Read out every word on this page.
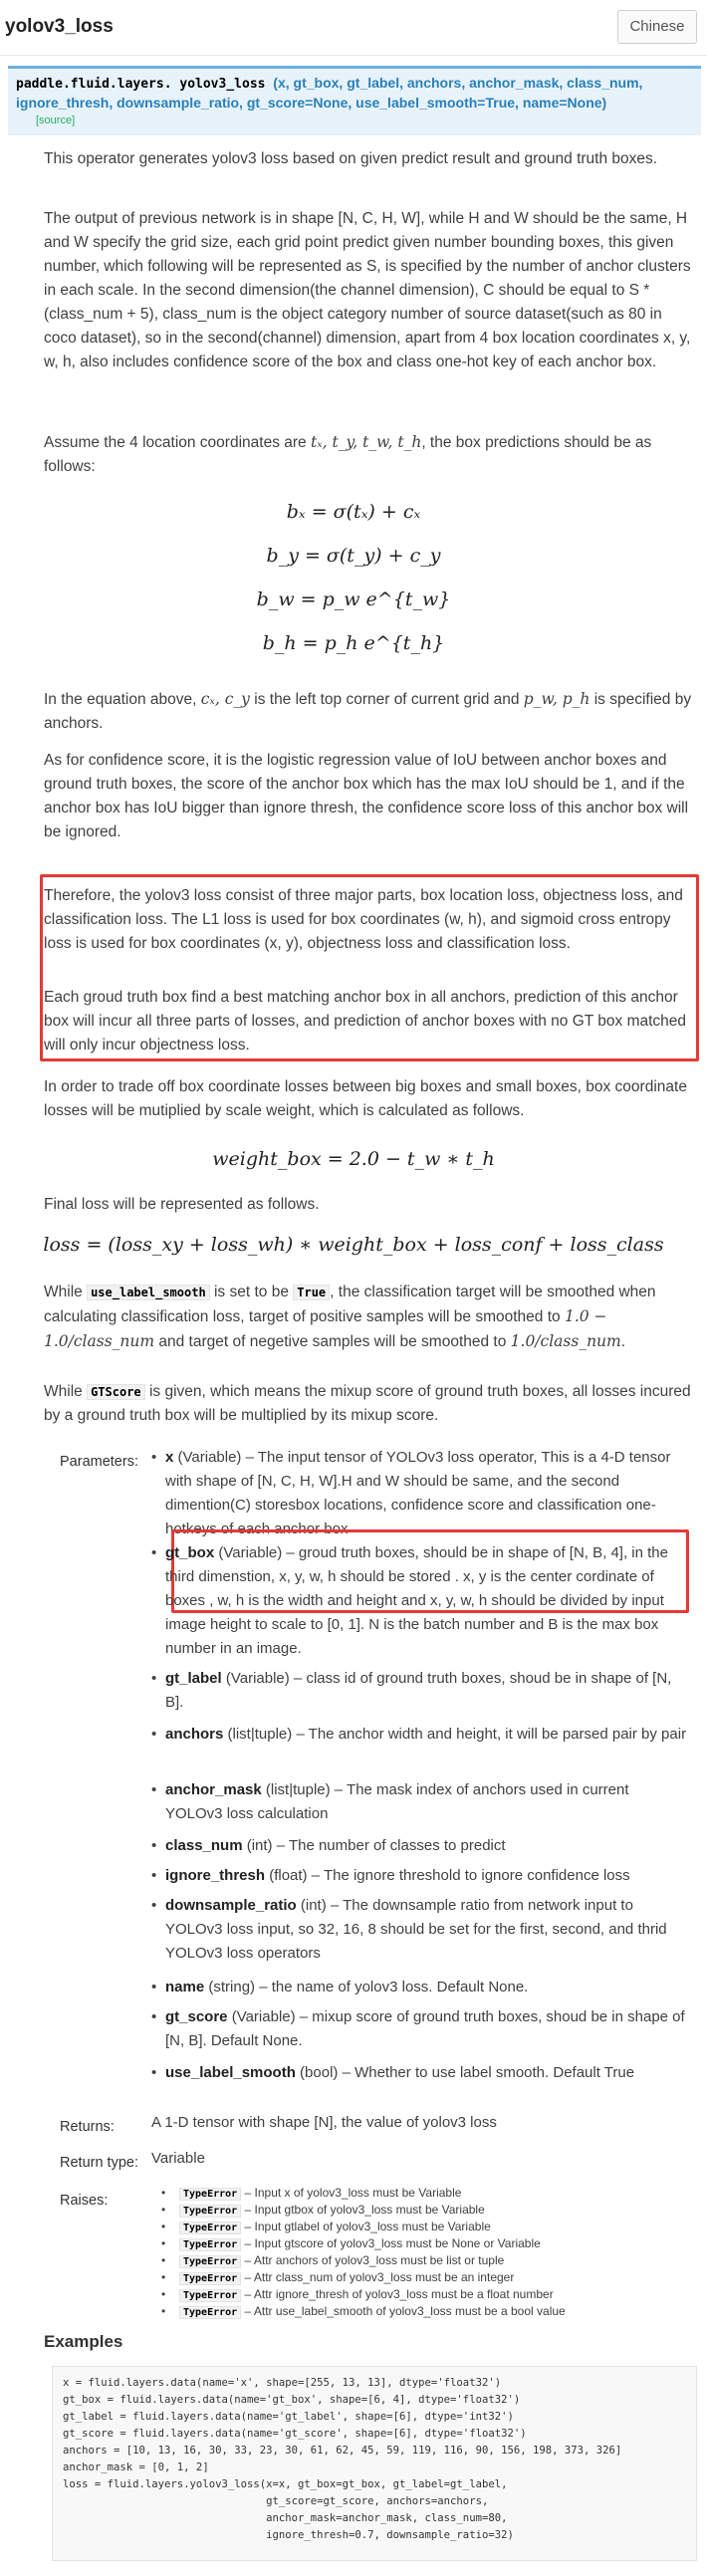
yolov3_loss	Chinese
paddle.fluid.layers. yolov3_loss (x, gt_box, gt_label, anchors, anchor_mask, class_num, ignore_thresh, downsample_ratio, gt_score=None, use_label_smooth=True, name=None)
[source]
This operator generates yolov3 loss based on given predict result and ground truth boxes.
The output of previous network is in shape [N, C, H, W], while H and W should be the same, H and W specify the grid size, each grid point predict given number bounding boxes, this given number, which following will be represented as S, is specified by the number of anchor clusters in each scale. In the second dimension(the channel dimension), C should be equal to S * (class_num + 5), class_num is the object category number of source dataset(such as 80 in coco dataset), so in the second(channel) dimension, apart from 4 box location coordinates x, y, w, h, also includes confidence score of the box and class one-hot key of each anchor box.
Assume the 4 location coordinates are tₓ, t_y, t_w, t_h, the box predictions should be as follows:
bₓ = σ(tₓ) + cₓ
b_y = σ(t_y) + c_y
b_w = p_w e^{t_w}
b_h = p_h e^{t_h}
In the equation above, cₓ, c_y is the left top corner of current grid and p_w, p_h is specified by anchors.
As for confidence score, it is the logistic regression value of IoU between anchor boxes and ground truth boxes, the score of the anchor box which has the max IoU should be 1, and if the anchor box has IoU bigger than ignore thresh, the confidence score loss of this anchor box will be ignored.
Therefore, the yolov3 loss consist of three major parts, box location loss, objectness loss, and classification loss. The L1 loss is used for box coordinates (w, h), and sigmoid cross entropy loss is used for box coordinates (x, y), objectness loss and classification loss.
Each groud truth box find a best matching anchor box in all anchors, prediction of this anchor box will incur all three parts of losses, and prediction of anchor boxes with no GT box matched will only incur objectness loss.
In order to trade off box coordinate losses between big boxes and small boxes, box coordinate losses will be mutiplied by scale weight, which is calculated as follows.
weight_box = 2.0 − t_w ∗ t_h
Final loss will be represented as follows.
loss = (loss_xy + loss_wh) ∗ weight_box + loss_conf + loss_class
While use_label_smooth is set to be True , the classification target will be smoothed when calculating classification loss, target of positive samples will be smoothed to 1.0 − 1.0/class_num and target of negetive samples will be smoothed to 1.0/class_num.
While GTScore is given, which means the mixup score of ground truth boxes, all losses incured by a ground truth box will be multiplied by its mixup score.
Parameters:	• x (Variable) – The input tensor of YOLOv3 loss operator, This is a 4-D tensor with shape of [N, C, H, W].H and W should be same, and the second dimention(C) storesbox locations, confidence score and classification one-hotkeys of each anchor box
• gt_box (Variable) – groud truth boxes, should be in shape of [N, B, 4], in the third dimenstion, x, y, w, h should be stored . x, y is the center cordinate of boxes , w, h is the width and height and x, y, w, h should be divided by input image height to scale to [0, 1]. N is the batch number and B is the max box number in an image.
• gt_label (Variable) – class id of ground truth boxes, shoud be in shape of [N, B].
• anchors (list|tuple) – The anchor width and height, it will be parsed pair by pair
• anchor_mask (list|tuple) – The mask index of anchors used in current YOLOv3 loss calculation
• class_num (int) – The number of classes to predict
• ignore_thresh (float) – The ignore threshold to ignore confidence loss
• downsample_ratio (int) – The downsample ratio from network input to YOLOv3 loss input, so 32, 16, 8 should be set for the first, second, and thrid YOLOv3 loss operators
• name (string) – the name of yolov3 loss. Default None.
• gt_score (Variable) – mixup score of ground truth boxes, shoud be in shape of [N, B]. Default None.
• use_label_smooth (bool) – Whether to use label smooth. Default True
Returns: A 1-D tensor with shape [N], the value of yolov3 loss
Return type: Variable
Raises:	• TypeError – Input x of yolov3_loss must be Variable
• TypeError – Input gtbox of yolov3_loss must be Variable
• TypeError – Input gtlabel of yolov3_loss must be Variable
• TypeError – Input gtscore of yolov3_loss must be None or Variable
• TypeError – Attr anchors of yolov3_loss must be list or tuple
• TypeError – Attr class_num of yolov3_loss must be an integer
• TypeError – Attr ignore_thresh of yolov3_loss must be a float number
• TypeError – Attr use_label_smooth of yolov3_loss must be a bool value
Examples
x = fluid.layers.data(name='x', shape=[255, 13, 13], dtype='float32')
gt_box = fluid.layers.data(name='gt_box', shape=[6, 4], dtype='float32')
gt_label = fluid.layers.data(name='gt_label', shape=[6], dtype='int32')
gt_score = fluid.layers.data(name='gt_score', shape=[6], dtype='float32')
anchors = [10, 13, 16, 30, 33, 23, 30, 61, 62, 45, 59, 119, 116, 90, 156, 198, 373, 326]
anchor_mask = [0, 1, 2]
loss = fluid.layers.yolov3_loss(x=x, gt_box=gt_box, gt_label=gt_label,
gt_score=gt_score, anchors=anchors,
anchor_mask=anchor_mask, class_num=80,
ignore_thresh=0.7, downsample_ratio=32)
